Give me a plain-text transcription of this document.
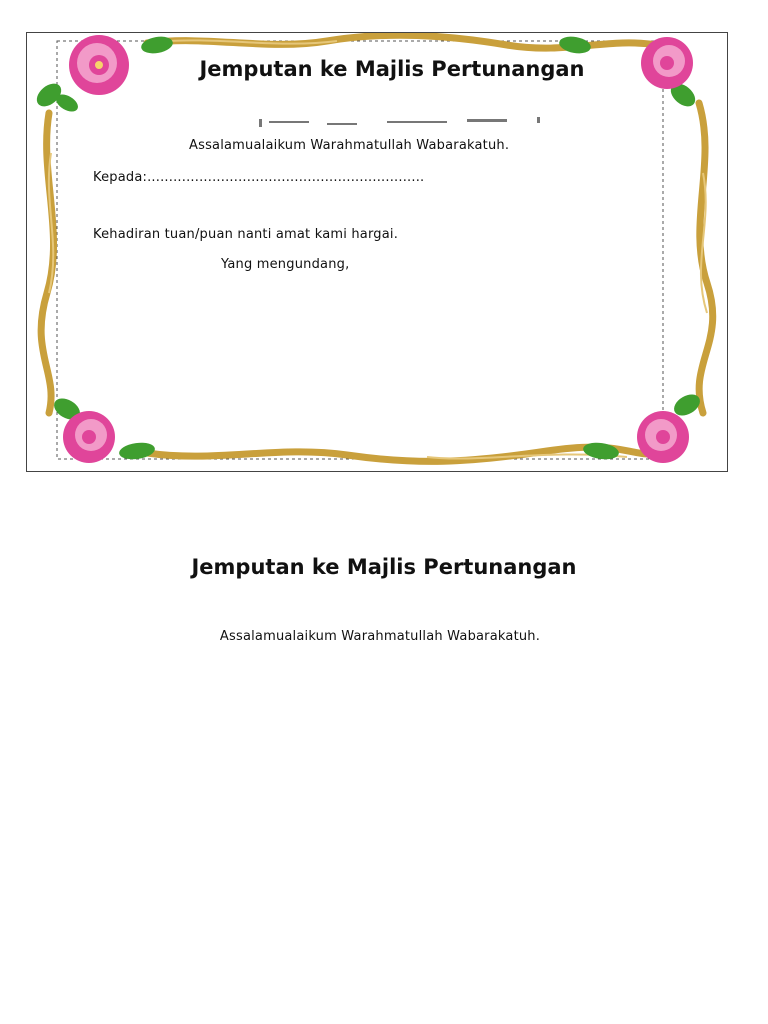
Jemputan ke Majlis Pertunangan
Assalamualaikum Warahmatullah Wabarakatuh.
Kepada:................................................................
Kehadiran tuan/puan nanti amat kami hargai.
Yang mengundang,
Jemputan ke Majlis Pertunangan
Assalamualaikum Warahmatullah Wabarakatuh.
